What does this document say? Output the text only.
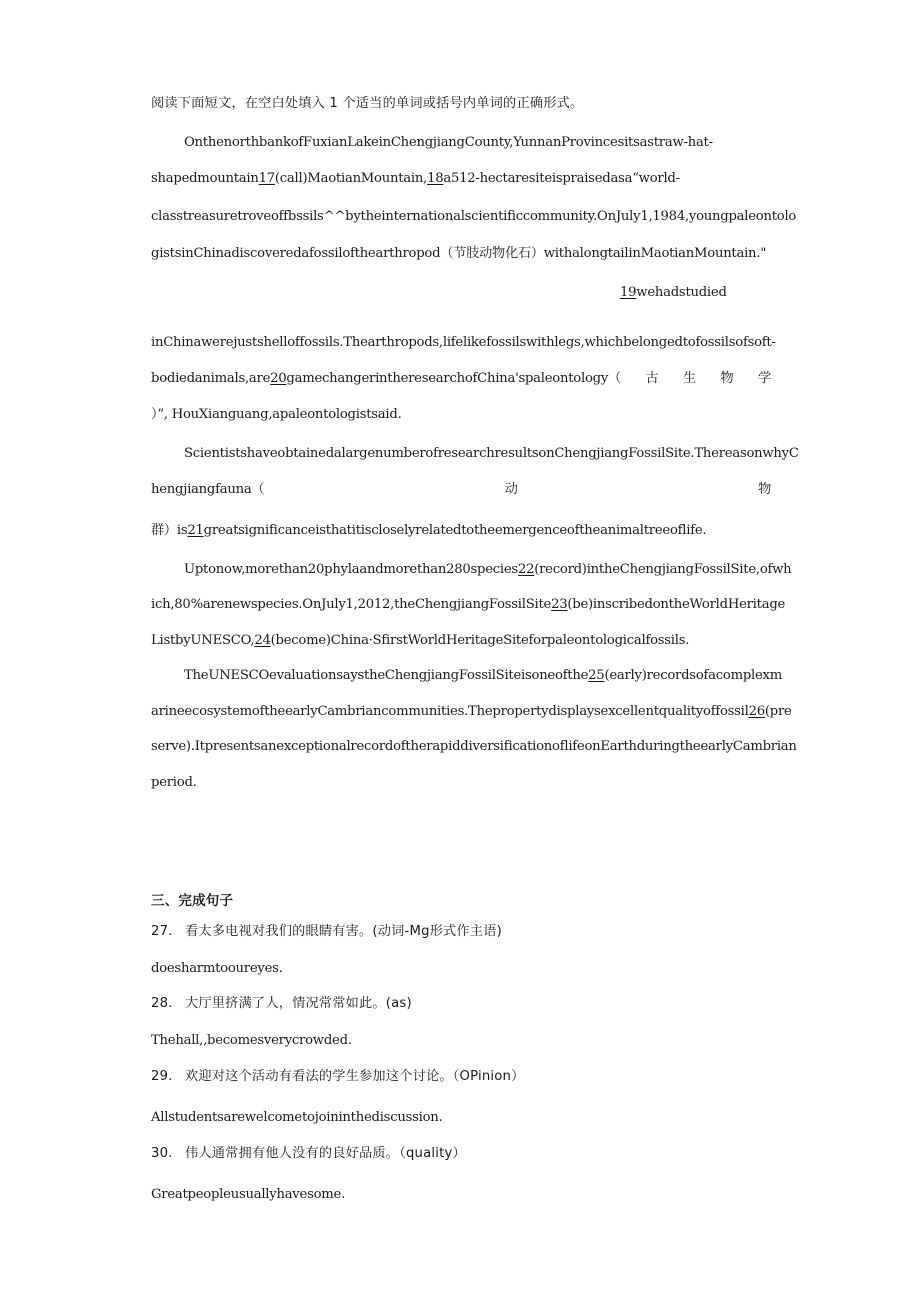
阅读下面短文，在空白处填入 1 个适当的单词或括号内单词的正确形式。
OnthenorthbankofFuxianLakeinChengjiangCounty,YunnanProvincesitsastraw-hat-
shapedmountain17(call)MaotianMountain,18a512-hectaresiteispraisedasa“world-
classtreasuretroveoffbssils^^bytheinternationalscientificcommunity.OnJuly1,1984,youngpaleontolo
gistsinChinadiscoveredafossilofthearthropod（节肢动物化石）withalongtailinMaotianMountain."
19wehadstudied
inChinawerejustshelloffossils.Thearthropods,lifelikefossilswithlegs,whichbelongedtofossilsofsoft-
bodiedanimals,are20gamechangerintheresearchofChina'spaleontology（ 古 生 物 学
）”, HouXianguang,apaleontologistsaid.
ScientistshaveobtainedalargenumberofresearchresultsonChengjiangFossilSite.ThereasonwhyC
hengjiangfauna（	动	物
群）is21greatsignificanceisthatitiscloselyrelatedtotheemergenceoftheanimaltreeoflife.
Uptonow,morethan20phylaandmorethan280species22(record)intheChengjiangFossilSite,ofwh
ich,80%arenewspecies.OnJuly1,2012,theChengjiangFossilSite23(be)inscribedontheWorldHeritage
ListbyUNESCO,24(become)China·SfirstWorldHeritageSiteforpaleontologicalfossils.
TheUNESCOevaluationsaystheChengjiangFossilSiteisoneofthe25(early)recordsofacomplexm
arineecosystemoftheearlyCambriancommunities.Thepropertydisplaysexcellentqualityoffossil26(pre
serve).ItpresentsanexceptionalrecordoftherapiddiversificationoflifeonEarthduringtheearlyCambrian
period.
三、完成句子
27. 看太多电视对我们的眼睛有害。(动词-Mg形式作主语)
doesharmtooureyes.
28. 大厅里挤满了人，情况常常如此。(as)
Thehall,,becomesverycrowded.
29. 欢迎对这个活动有看法的学生参加这个讨论。（OPinion）
Allstudentsarewelcometojoininthediscussion.
30. 伟人通常拥有他人没有的良好品质。（quality）
Greatpeopleusuallyhavesome.
